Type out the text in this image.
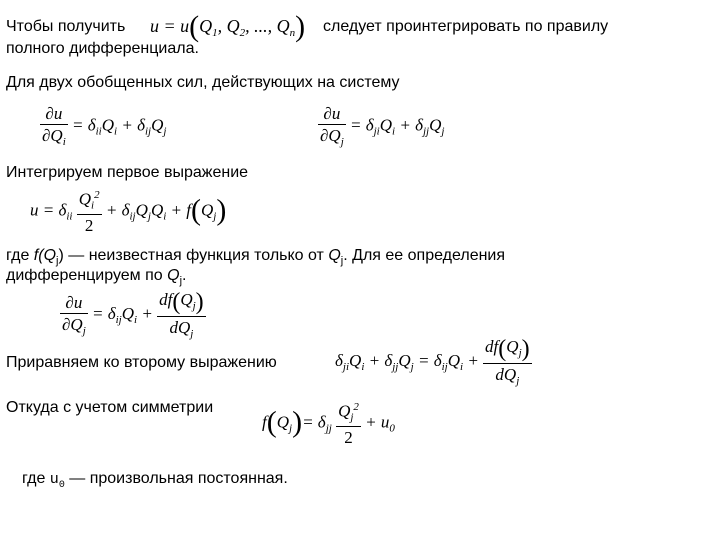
Чтобы получить $u = u(Q_1$, $Q_2$, ..., $Q_n$) следует проинтегрировать по правилу
полного дифференциала.
Для двух обобщенных сил, действующих на систему
$\frac{\partial u}{\partial Q_i} = \delta_{ii}Q_i + \delta_{ij}Q_j$	$\frac{\partial u}{\partial Q_j} = \delta_{ji}Q_i + \delta_{jj}Q_j$
Интегрируем первое выражение
$u = \delta_{ii} \frac{Q_i^2}{2} + \delta_{ij}Q_jQ_i + f(Q_j)$
где $f(Q_j)$ — неизвестная функция только от $Q_j$. Для ее определения
дифференцируем по $Q_j$.
$\frac{\partial u}{\partial Q_j} = \delta_{ij}Q_i + \frac{df(Q_j)}{dQ_j}$
Приравняем ко второму выражению	$\delta_{ji}Q_i + \delta_{jj}Q_j = \delta_{ij}Q_i + \frac{df(Q_j)}{dQ_j}$
Откуда с учетом симметрии
$f(Q_j)= \delta_{jj} \frac{Q_j^2}{2} + u_0$
где $u_0$ — произвольная постоянная.
